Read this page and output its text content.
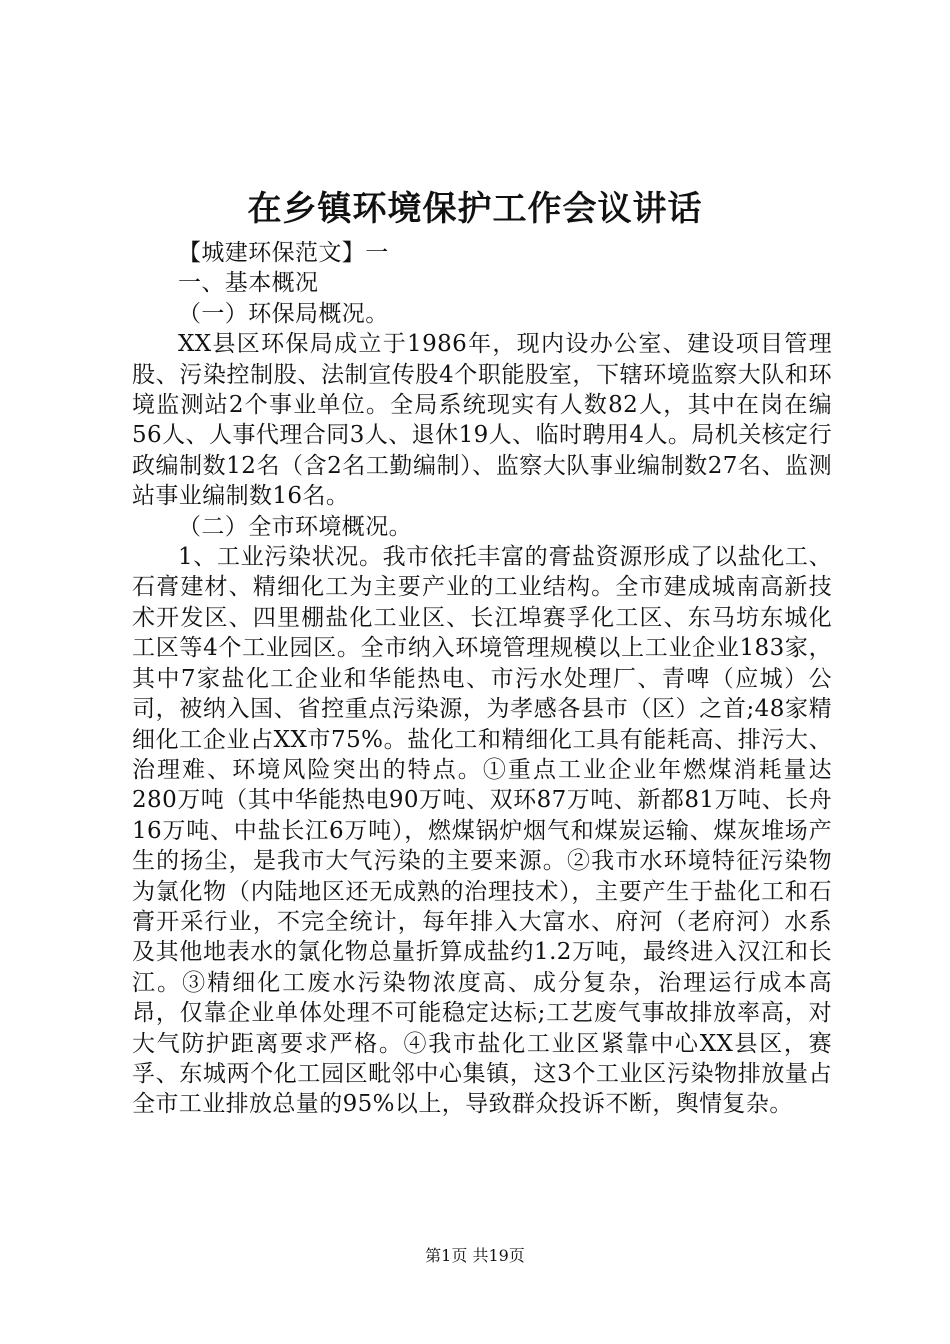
在乡镇环境保护工作会议讲话

【城建环保范文】一

一、基本概况

（一）环保局概况。

XX县区环保局成立于1986年，现内设办公室、建设项目管理股、污染控制股、法制宣传股4个职能股室，下辖环境监察大队和环境监测站2个事业单位。全局系统现实有人数82人，其中在岗在编56人、人事代理合同3人、退休19人、临时聘用4人。局机关核定行政编制数12名（含2名工勤编制）、监察大队事业编制数27名、监测站事业编制数16名。

（二）全市环境概况。

1、工业污染状况。我市依托丰富的膏盐资源形成了以盐化工、石膏建材、精细化工为主要产业的工业结构。全市建成城南高新技术开发区、四里棚盐化工业区、长江埠赛孚化工区、东马坊东城化工区等4个工业园区。全市纳入环境管理规模以上工业企业183家，其中7家盐化工企业和华能热电、市污水处理厂、青啤（应城）公司，被纳入国、省控重点污染源，为孝感各县市（区）之首;48家精细化工企业占XX市75%。盐化工和精细化工具有能耗高、排污大、治理难、环境风险突出的特点。①重点工业企业年燃煤消耗量达280万吨（其中华能热电90万吨、双环87万吨、新都81万吨、长舟16万吨、中盐长江6万吨），燃煤锅炉烟气和煤炭运输、煤灰堆场产生的扬尘，是我市大气污染的主要来源。②我市水环境特征污染物为氯化物（内陆地区还无成熟的治理技术），主要产生于盐化工和石膏开采行业，不完全统计，每年排入大富水、府河（老府河）水系及其他地表水的氯化物总量折算成盐约1.2万吨，最终进入汉江和长江。③精细化工废水污染物浓度高、成分复杂，治理运行成本高昂，仅靠企业单体处理不可能稳定达标;工艺废气事故排放率高，对大气防护距离要求严格。④我市盐化工业区紧靠中心XX县区，赛孚、东城两个化工园区毗邻中心集镇，这3个工业区污染物排放量占全市工业排放总量的95%以上，导致群众投诉不断，舆情复杂。

第1页 共19页
